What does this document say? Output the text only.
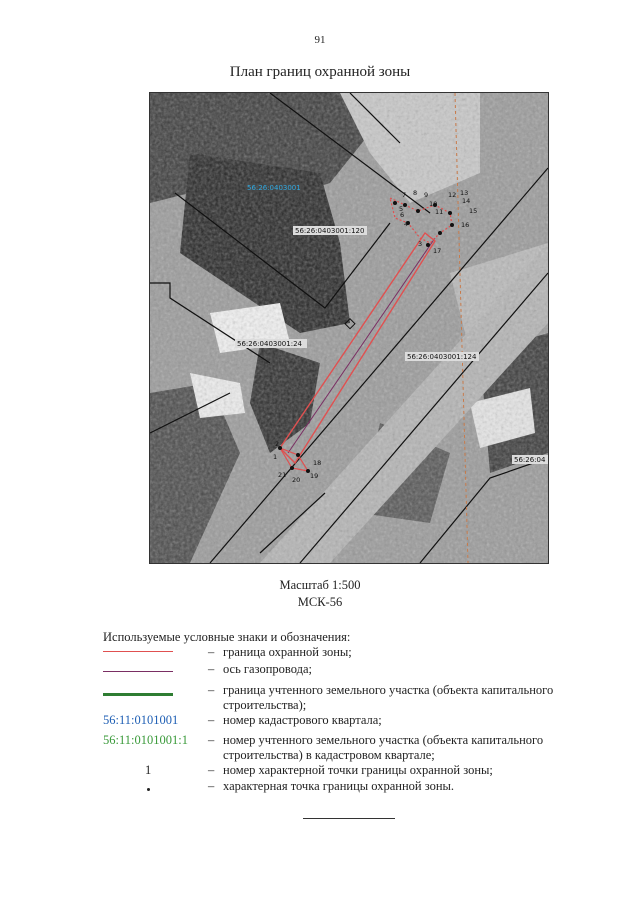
91
План границ охранной зоны
56:26:0403001
56:26:0403001:120
56:26:0403001:24
56:26:0403001:124
56:26:04
5
6
7 8 9
10
11
12 13
14
15
16
3
4
17
1
2
18
19
20
21
Масштаб 1:500
МСК-56
Используемые условные знаки и обозначения:
– граница охранной зоны;
– ось газопровода;
– граница учтенного земельного участка (объекта капитального строительства);
56:11:0101001 – номер кадастрового квартала;
56:11:0101001:1	– номер учтенного земельного участка (объекта капитального строительства) в кадастровом квартале;
1	– номер характерной точки границы охранной зоны;
– характерная точка границы охранной зоны.
